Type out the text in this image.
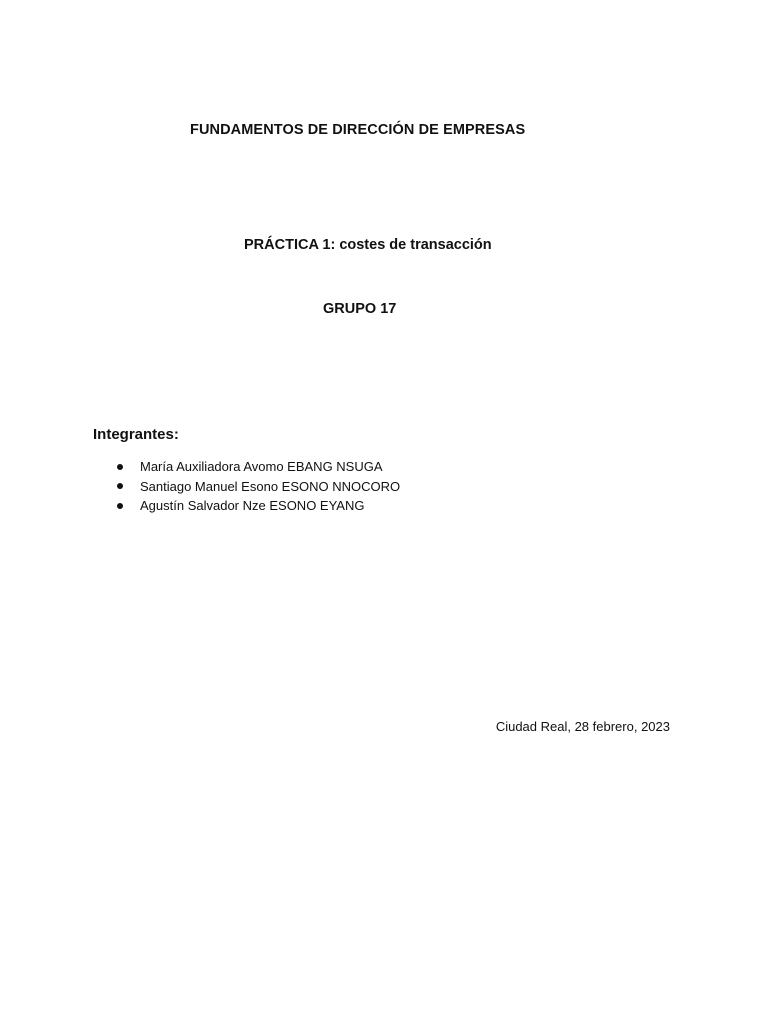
FUNDAMENTOS DE DIRECCIÓN DE EMPRESAS
PRÁCTICA 1: costes de transacción
GRUPO 17
Integrantes:
María Auxiliadora Avomo EBANG NSUGA
Santiago Manuel Esono ESONO NNOCORO
Agustín Salvador Nze ESONO EYANG
Ciudad Real, 28 febrero, 2023
